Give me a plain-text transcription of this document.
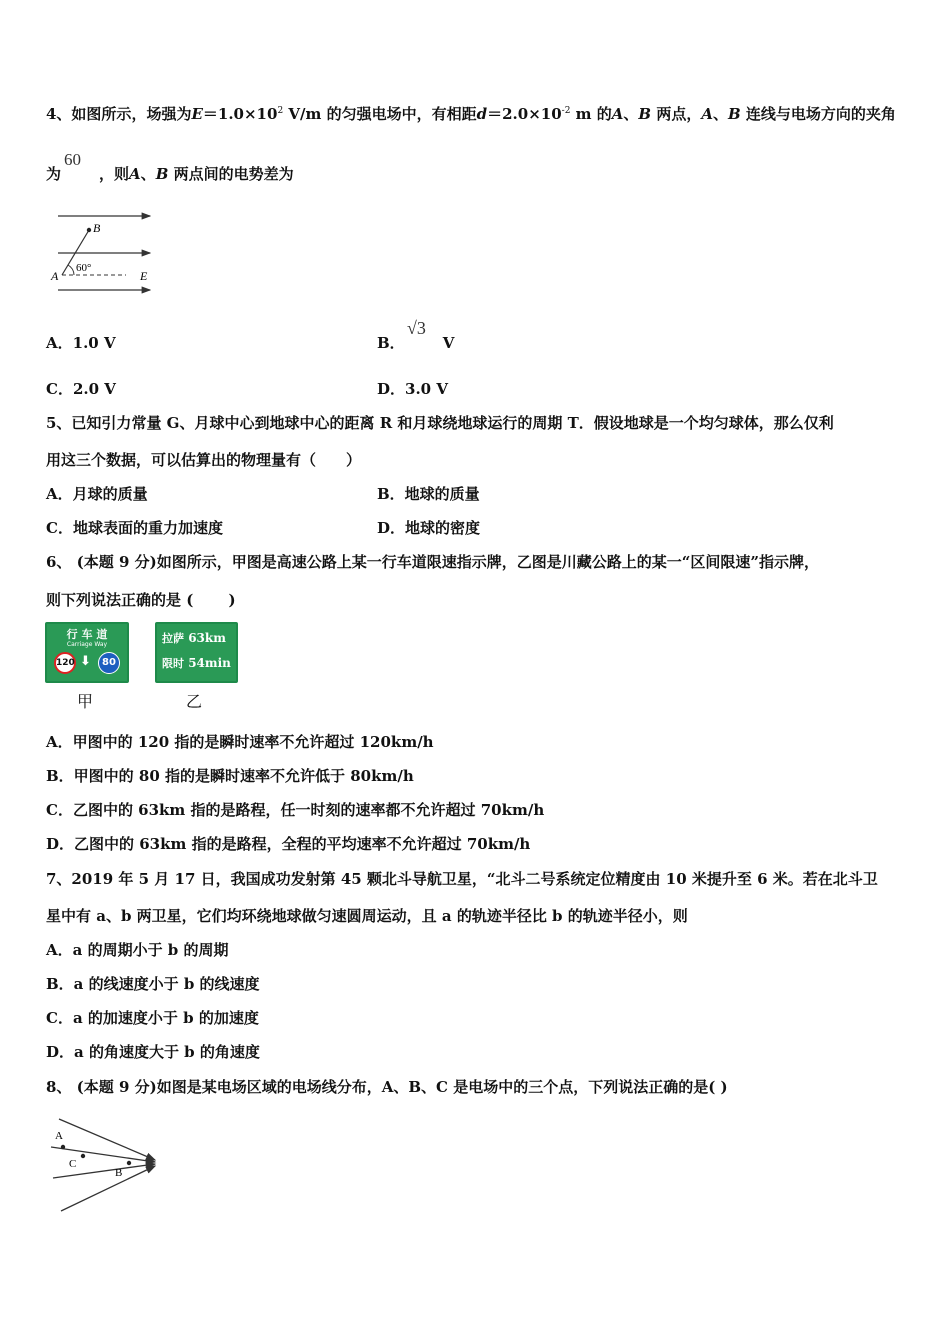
4、如图所示，场强为$E=1.0\times 10^2$ V/m 的匀强电场中，有相距$d=2.0\times 10^{-2}$ m 的A、B 两点，A、B 连线与电场方向的夹角
为	，则A、B 两点间的电势差为
60
B
A	E
60°
A．1.0 V	B．	V
√3
C．2.0 V	D．3.0 V
5、已知引力常量 G、月球中心到地球中心的距离 R 和月球绕地球运行的周期 T．假设地球是一个均匀球体，那么仅利
用这三个数据，可以估算出的物理量有（　　）
A．月球的质量	B．地球的质量
C．地球表面的重力加速度	D．地球的密度
6、 (本题 9 分)如图所示，甲图是高速公路上某一行车道限速指示牌，乙图是川藏公路上的某一“区间限速”指示牌，
则下列说法正确的是 (　　 )
行 车 道
Carriage Way
120 ⬇	80
甲
拉萨 63km
限时 54min
乙
A．甲图中的 120 指的是瞬时速率不允许超过 120km/h
B．甲图中的 80 指的是瞬时速率不允许低于 80km/h
C．乙图中的 63km 指的是路程，任一时刻的速率都不允许超过 70km/h
D．乙图中的 63km 指的是路程，全程的平均速率不允许超过 70km/h
7、2019 年 5 月 17 日，我国成功发射第 45 颗北斗导航卫星，“北斗二号系统定位精度由 10 米提升至 6 米。若在北斗卫
星中有 a、b 两卫星，它们均环绕地球做匀速圆周运动，且 a 的轨迹半径比 b 的轨迹半径小，则
A．a 的周期小于 b 的周期
B．a 的线速度小于 b 的线速度
C．a 的加速度小于 b 的加速度
D．a 的角速度大于 b 的角速度
8、 (本题 9 分)如图是某电场区域的电场线分布，A、B、C 是电场中的三个点，下列说法正确的是( )
A
C
B
